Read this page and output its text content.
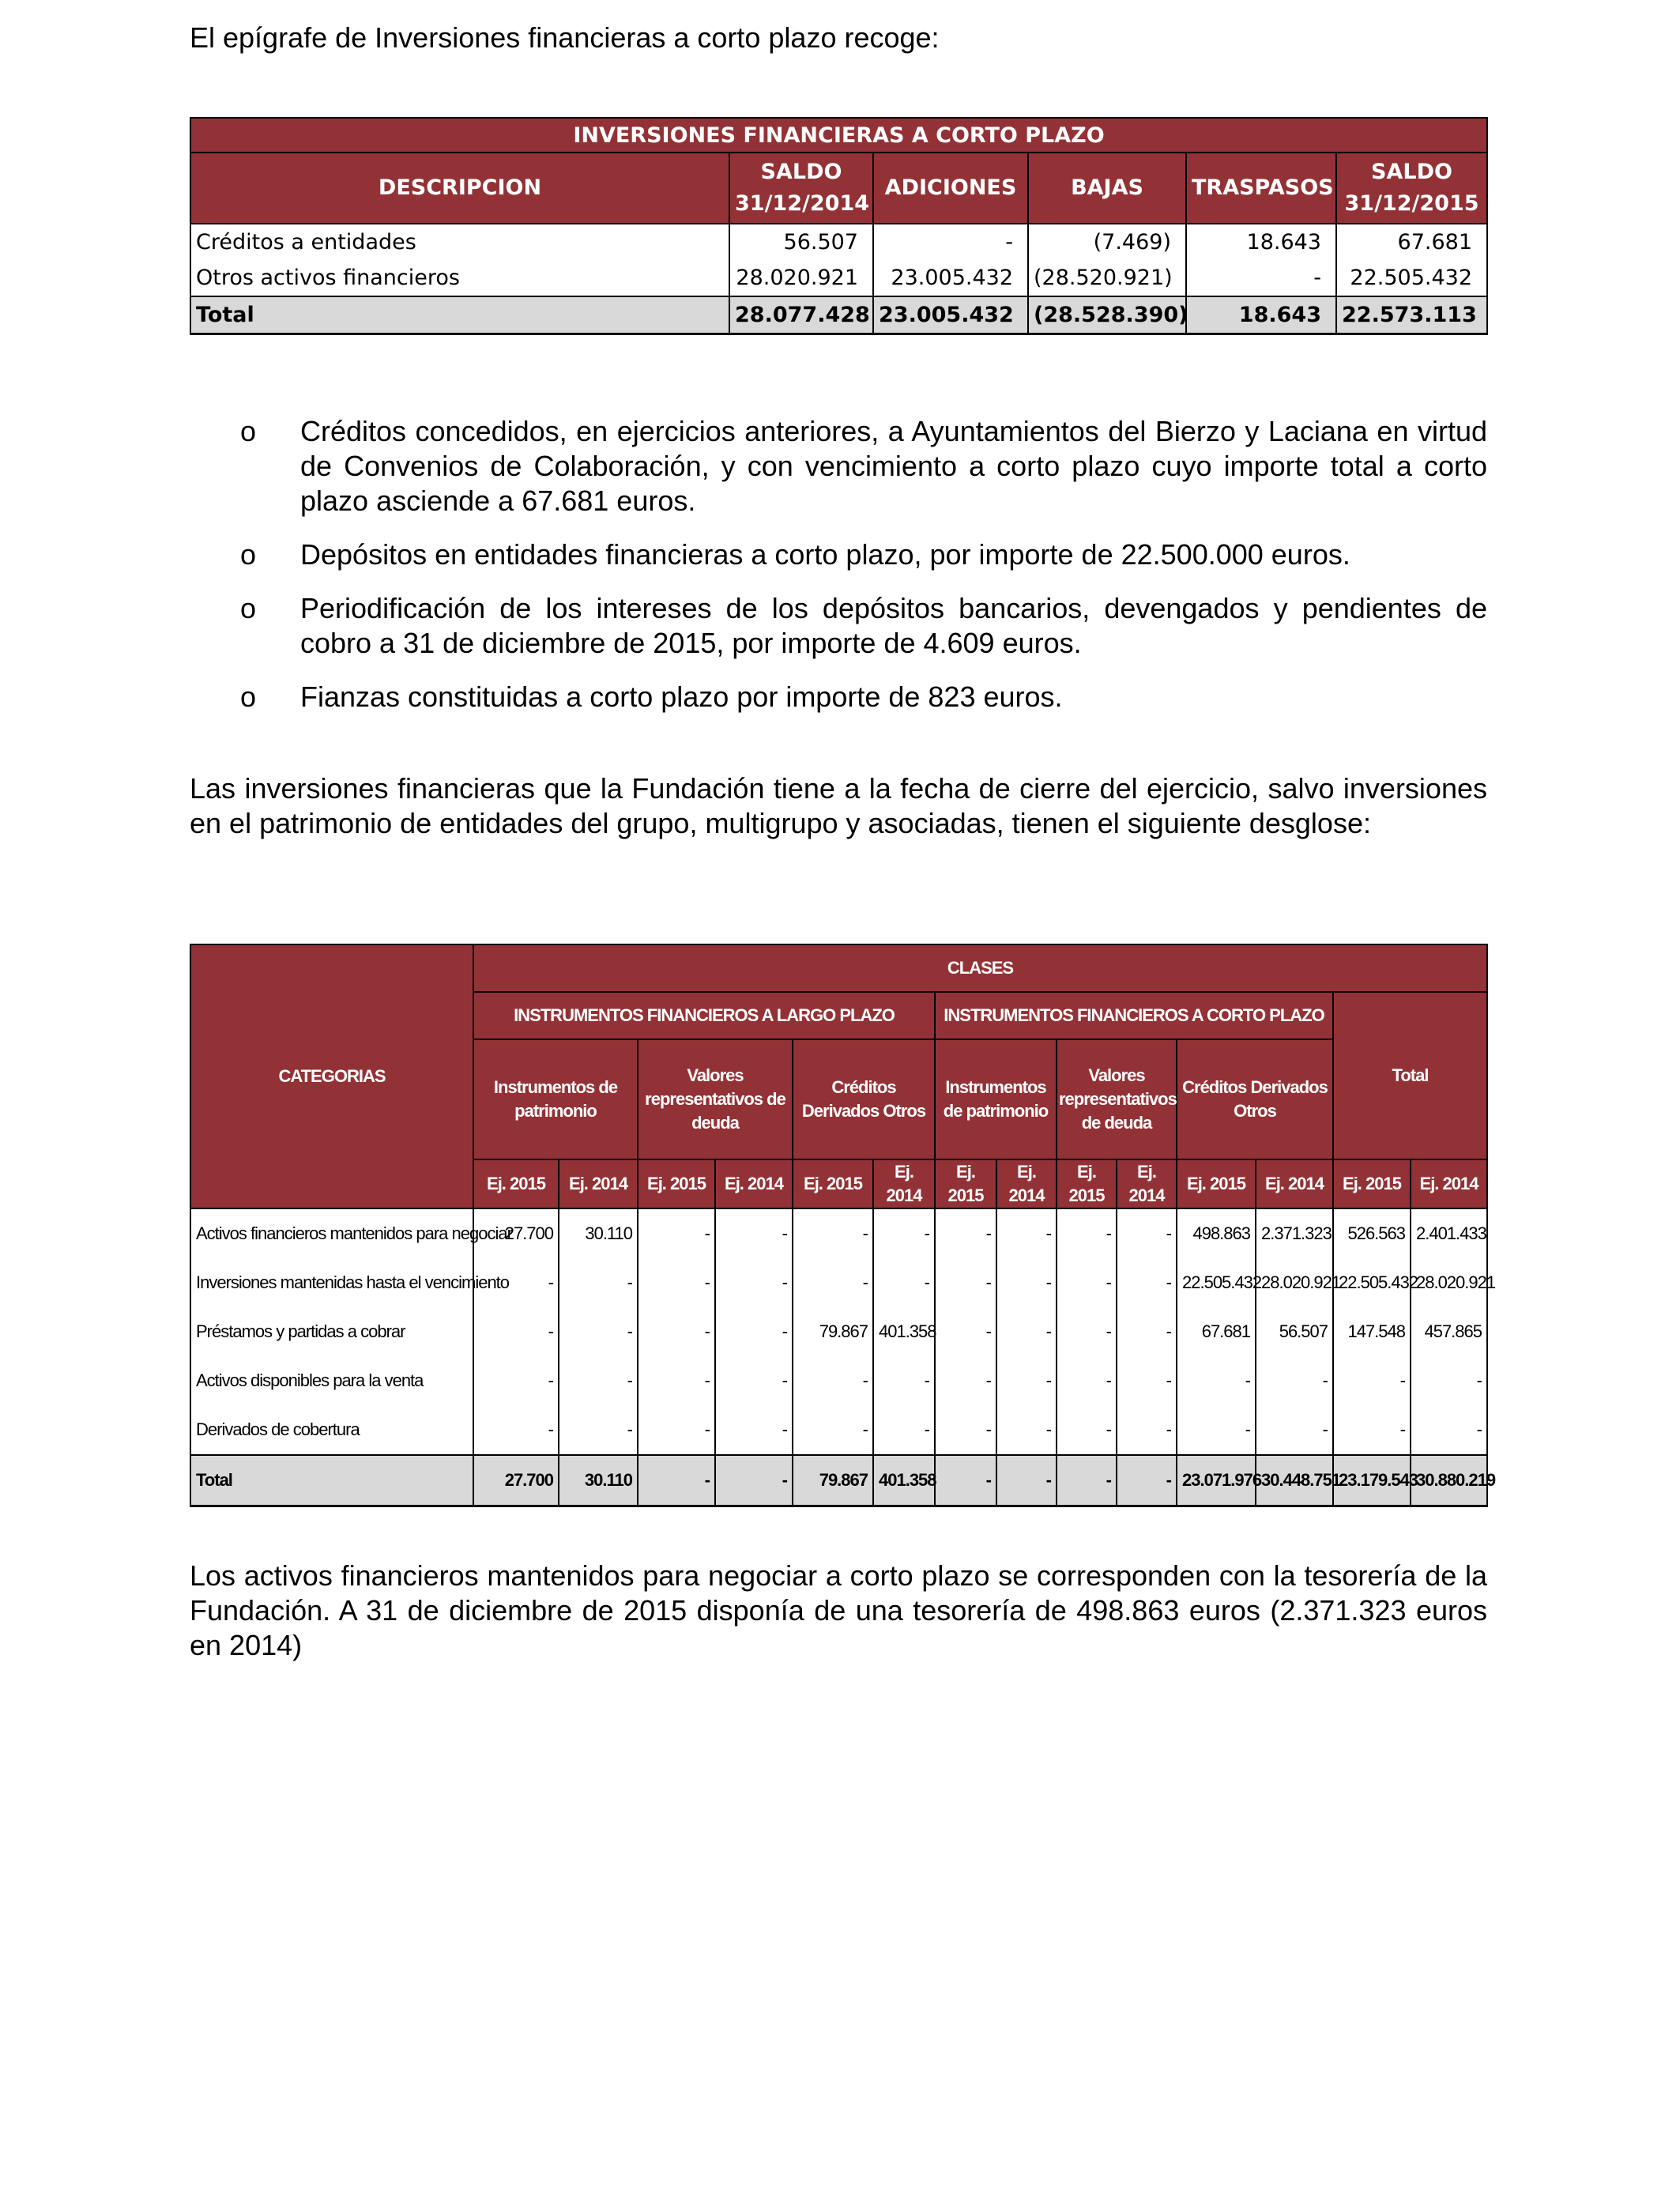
El epígrafe de Inversiones financieras a corto plazo recoge:
INVERSIONES FINANCIERAS A CORTO PLAZO					
DESCRIPCION	SALDO 31/12/2014	ADICIONES	BAJAS	TRASPASOS	SALDO 31/12/2015
Créditos a entidades	56.507	-	(7.469)	18.643	67.681
Otros activos financieros	28.020.921	23.005.432	(28.520.921)	-	22.505.432
Total	28.077.428	23.005.432	(28.528.390)	18.643	22.573.113
o Créditos concedidos, en ejercicios anteriores, a Ayuntamientos del Bierzo y Laciana en virtud de Convenios de Colaboración, y con vencimiento a corto plazo cuyo importe total a corto plazo asciende a 67.681 euros.
o Depósitos en entidades financieras a corto plazo, por importe de 22.500.000 euros.
o Periodificación de los intereses de los depósitos bancarios, devengados y pendientes de cobro a 31 de diciembre de 2015, por importe de 4.609 euros.
o Fianzas constituidas a corto plazo por importe de 823 euros.
Las inversiones financieras que la Fundación tiene a la fecha de cierre del ejercicio, salvo inversiones en el patrimonio de entidades del grupo, multigrupo y asociadas, tienen el siguiente desglose:
CATEGORIAS	CLASES													
	INSTRUMENTOS FINANCIEROS A LARGO PLAZO						INSTRUMENTOS FINANCIEROS A CORTO PLAZO						Total	
	Instrumentos de patrimonio		Valores representativos de deuda		Créditos Derivados Otros		Instrumentos de patrimonio		Valores representativos de deuda		Créditos Derivados Otros			
	Ej. 2015	Ej. 2014	Ej. 2015	Ej. 2014	Ej. 2015	Ej. 2014	Ej. 2015	Ej. 2014	Ej. 2015	Ej. 2014	Ej. 2015	Ej. 2014	Ej. 2015	Ej. 2014
Activos financieros mantenidos para negociar	27.700	30.110	-	-	-	-	-	-	-	-	498.863	2.371.323	526.563	2.401.433
Inversiones mantenidas hasta el vencimiento	-	-	-	-	-	-	-	-	-	-	22.505.432	28.020.921	22.505.432	28.020.921
Préstamos y partidas a cobrar	-	-	-	-	79.867	401.358	-	-	-	-	67.681	56.507	147.548	457.865
Activos disponibles para la venta	-	-	-	-	-	-	-	-	-	-	-	-	-	-
Derivados de cobertura	-	-	-	-	-	-	-	-	-	-	-	-	-	-
Total	27.700	30.110	-	-	79.867	401.358	-	-	-	-	23.071.976	30.448.751	23.179.543	30.880.219
Los activos financieros mantenidos para negociar a corto plazo se corresponden con la tesorería de la Fundación. A 31 de diciembre de 2015 disponía de una tesorería de 498.863 euros (2.371.323 euros en 2014)
